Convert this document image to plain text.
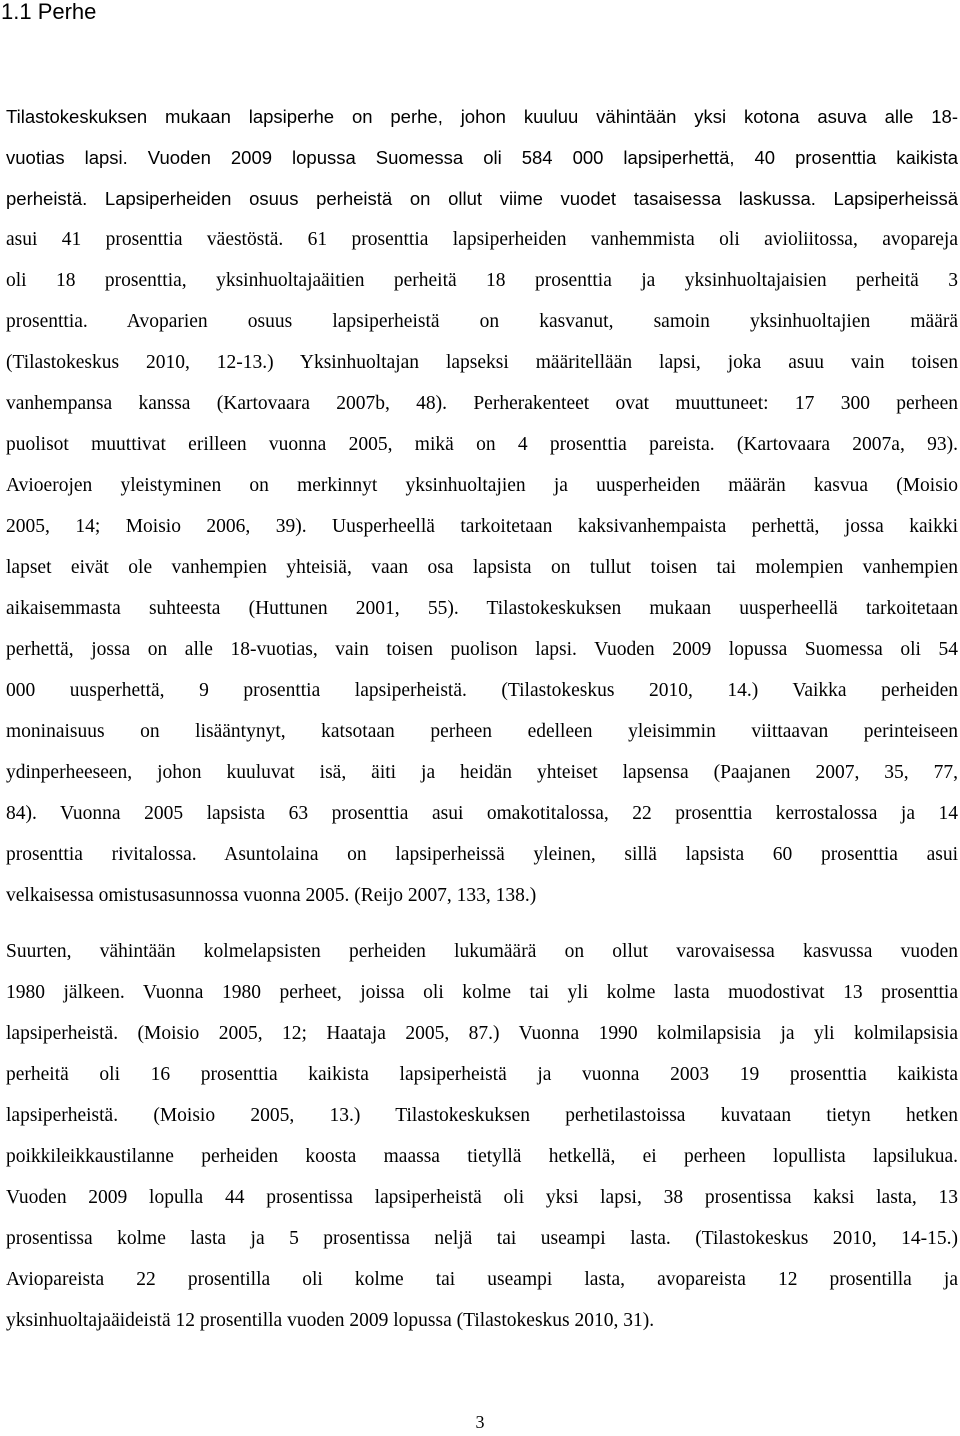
1.1 Perhe
Tilastokeskuksen mukaan lapsiperhe on perhe, johon kuuluu vähintään yksi kotona asuva alle 18-
vuotias lapsi. Vuoden 2009 lopussa Suomessa oli 584 000 lapsiperhettä, 40 prosenttia kaikista
perheistä. Lapsiperheiden osuus perheistä on ollut viime vuodet tasaisessa laskussa. Lapsiperheissä
asui 41 prosenttia väestöstä. 61 prosenttia lapsiperheiden vanhemmista oli avioliitossa, avopareja
oli 18 prosenttia, yksinhuoltajaäitien perheitä 18 prosenttia ja yksinhuoltajaisien perheitä 3
prosenttia. Avoparien osuus lapsiperheistä on kasvanut, samoin yksinhuoltajien määrä
(Tilastokeskus 2010, 12-13.) Yksinhuoltajan lapseksi määritellään lapsi, joka asuu vain toisen
vanhempansa kanssa (Kartovaara 2007b, 48). Perherakenteet ovat muuttuneet: 17 300 perheen
puolisot muuttivat erilleen vuonna 2005, mikä on 4 prosenttia pareista. (Kartovaara 2007a, 93).
Avioerojen yleistyminen on merkinnyt yksinhuoltajien ja uusperheiden määrän kasvua (Moisio
2005, 14; Moisio 2006, 39). Uusperheellä tarkoitetaan kaksivanhempaista perhettä, jossa kaikki
lapset eivät ole vanhempien yhteisiä, vaan osa lapsista on tullut toisen tai molempien vanhempien
aikaisemmasta suhteesta (Huttunen 2001, 55). Tilastokeskuksen mukaan uusperheellä tarkoitetaan
perhettä, jossa on alle 18-vuotias, vain toisen puolison lapsi. Vuoden 2009 lopussa Suomessa oli 54
000 uusperhettä, 9 prosenttia lapsiperheistä. (Tilastokeskus 2010, 14.) Vaikka perheiden
moninaisuus on lisääntynyt, katsotaan perheen edelleen yleisimmin viittaavan perinteiseen
ydinperheeseen, johon kuuluvat isä, äiti ja heidän yhteiset lapsensa (Paajanen 2007, 35, 77,
84). Vuonna 2005 lapsista 63 prosenttia asui omakotitalossa, 22 prosenttia kerrostalossa ja 14
prosenttia rivitalossa. Asuntolaina on lapsiperheissä yleinen, sillä lapsista 60 prosenttia asui
velkaisessa omistusasunnossa vuonna 2005. (Reijo 2007, 133, 138.)
Suurten, vähintään kolmelapsisten perheiden lukumäärä on ollut varovaisessa kasvussa vuoden
1980 jälkeen. Vuonna 1980 perheet, joissa oli kolme tai yli kolme lasta muodostivat 13 prosenttia
lapsiperheistä. (Moisio 2005, 12; Haataja 2005, 87.) Vuonna 1990 kolmilapsisia ja yli kolmilapsisia
perheitä oli 16 prosenttia kaikista lapsiperheistä ja vuonna 2003 19 prosenttia kaikista
lapsiperheistä. (Moisio 2005, 13.) Tilastokeskuksen perhetilastoissa kuvataan tietyn hetken
poikkileikkaustilanne perheiden koosta maassa tietyllä hetkellä, ei perheen lopullista lapsilukua.
Vuoden 2009 lopulla 44 prosentissa lapsiperheistä oli yksi lapsi, 38 prosentissa kaksi lasta, 13
prosentissa kolme lasta ja 5 prosentissa neljä tai useampi lasta. (Tilastokeskus 2010, 14-15.)
Aviopareista 22 prosentilla oli kolme tai useampi lasta, avopareista 12 prosentilla ja
yksinhuoltajaäideistä 12 prosentilla vuoden 2009 lopussa (Tilastokeskus 2010, 31).
3
